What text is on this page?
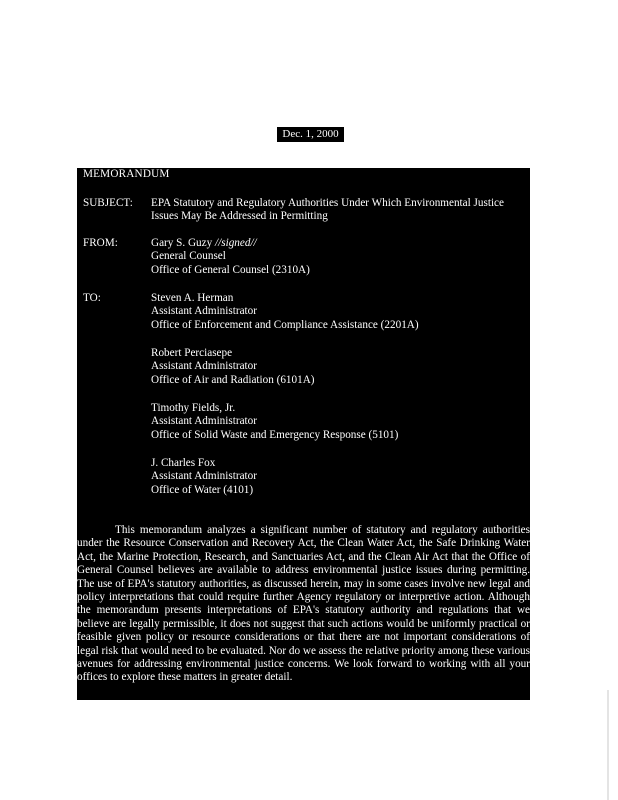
Dec. 1, 2000
MEMORANDUM
SUBJECT: EPA Statutory and Regulatory Authorities Under Which Environmental Justice
Issues May Be Addressed in Permitting
FROM:	Gary S. Guzy //signed//
General Counsel
Office of General Counsel (2310A)
TO:	Steven A. Herman
Assistant Administrator
Office of Enforcement and Compliance Assistance (2201A)
Robert Perciasepe
Assistant Administrator
Office of Air and Radiation (6101A)
Timothy Fields, Jr.
Assistant Administrator
Office of Solid Waste and Emergency Response (5101)
J. Charles Fox
Assistant Administrator
Office of Water (4101)
This memorandum analyzes a significant number of statutory and regulatory authorities under the Resource Conservation and Recovery Act, the Clean Water Act, the Safe Drinking Water Act, the Marine Protection, Research, and Sanctuaries Act, and the Clean Air Act that the Office of General Counsel believes are available to address environmental justice issues during permitting. The use of EPA's statutory authorities, as discussed herein, may in some cases involve new legal and policy interpretations that could require further Agency regulatory or interpretive action. Although the memorandum presents interpretations of EPA's statutory authority and regulations that we believe are legally permissible, it does not suggest that such actions would be uniformly practical or feasible given policy or resource considerations or that there are not important considerations of legal risk that would need to be evaluated. Nor do we assess the relative priority among these various avenues for addressing environmental justice concerns. We look forward to working with all your offices to explore these matters in greater detail.
